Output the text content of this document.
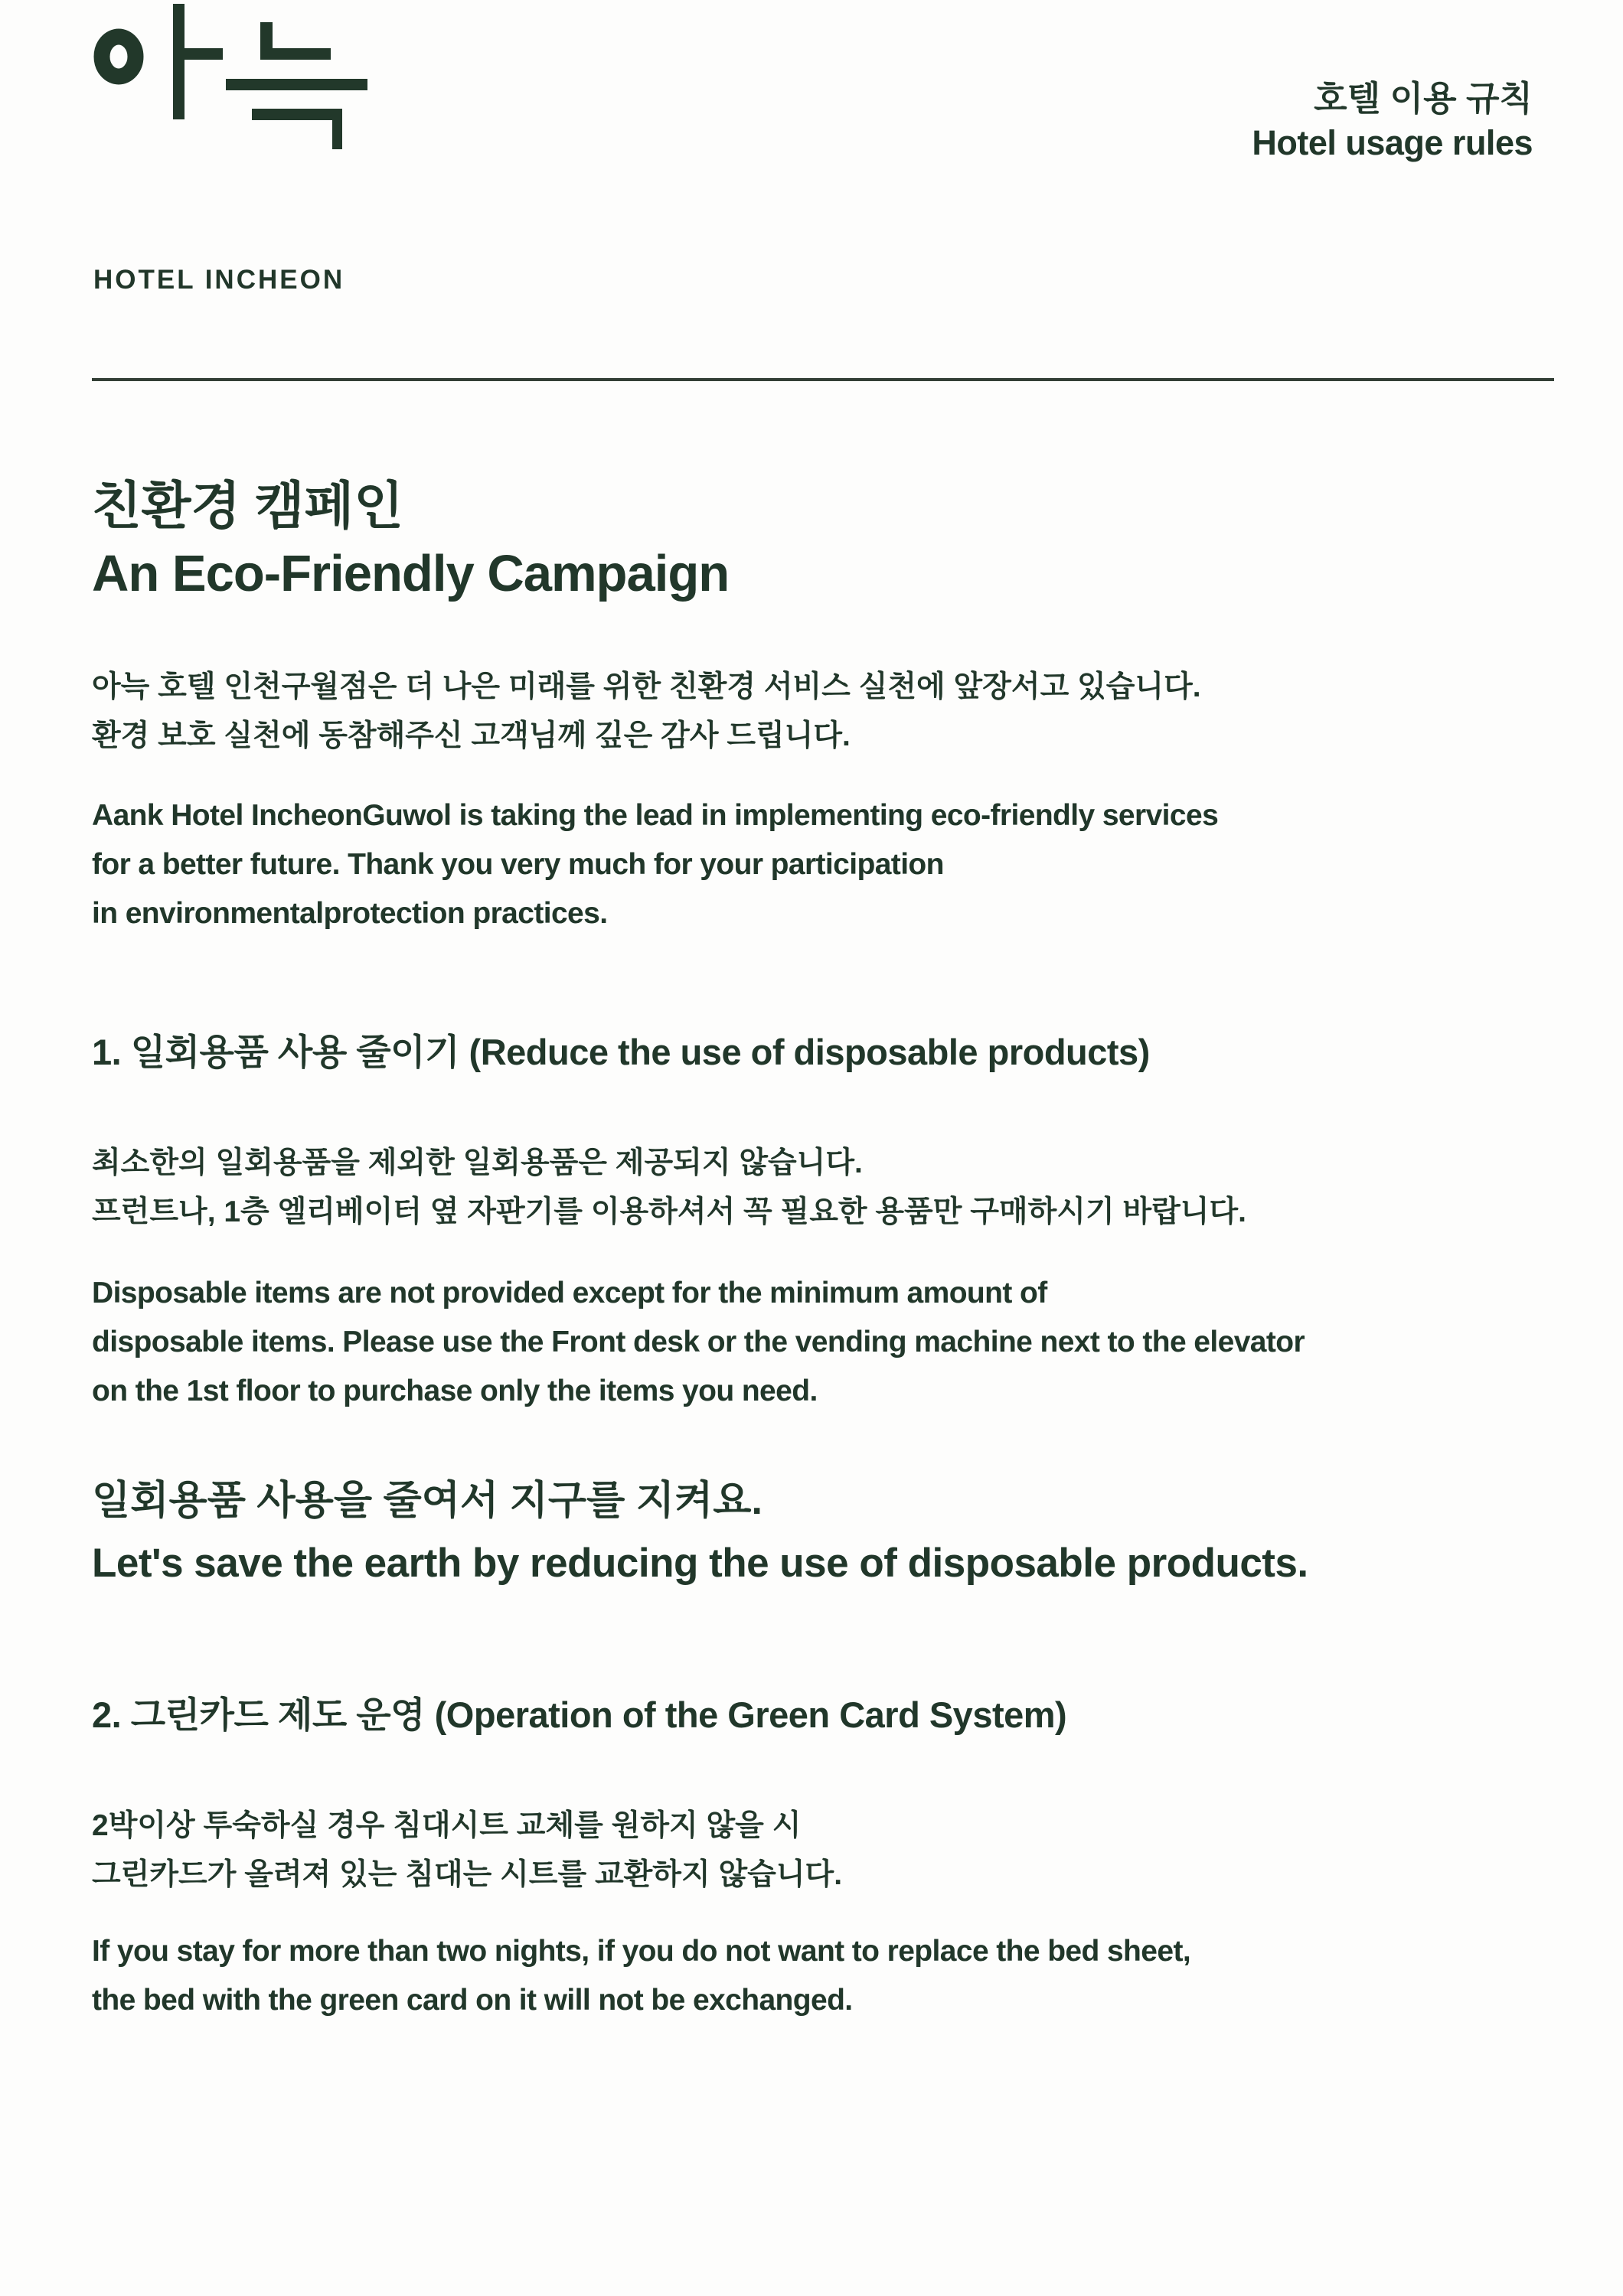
HOTEL INCHEON
호텔 이용 규칙
Hotel usage rules
친환경 캠페인
An Eco-Friendly Campaign

아늑 호텔 인천구월점은 더 나은 미래를 위한 친환경 서비스 실천에 앞장서고 있습니다.
환경 보호 실천에 동참해주신 고객님께 깊은 감사 드립니다.

Aank Hotel IncheonGuwol is taking the lead in implementing eco-friendly services
for a better future. Thank you very much for your participation
in environmentalprotection practices.

1. 일회용품 사용 줄이기 (Reduce the use of disposable products)

최소한의 일회용품을 제외한 일회용품은 제공되지 않습니다.
프런트나, 1층 엘리베이터 옆 자판기를 이용하셔서 꼭 필요한 용품만 구매하시기 바랍니다.

Disposable items are not provided except for the minimum amount of
disposable items. Please use the Front desk or the vending machine next to the elevator
on the 1st floor to purchase only the items you need.

일회용품 사용을 줄여서 지구를 지켜요.
Let's save the earth by reducing the use of disposable products.
2. 그린카드 제도 운영 (Operation of the Green Card System)

2박이상 투숙하실 경우 침대시트 교체를 원하지 않을 시
그린카드가 올려져 있는 침대는 시트를 교환하지 않습니다.

If you stay for more than two nights, if you do not want to replace the bed sheet,
the bed with the green card on it will not be exchanged.
